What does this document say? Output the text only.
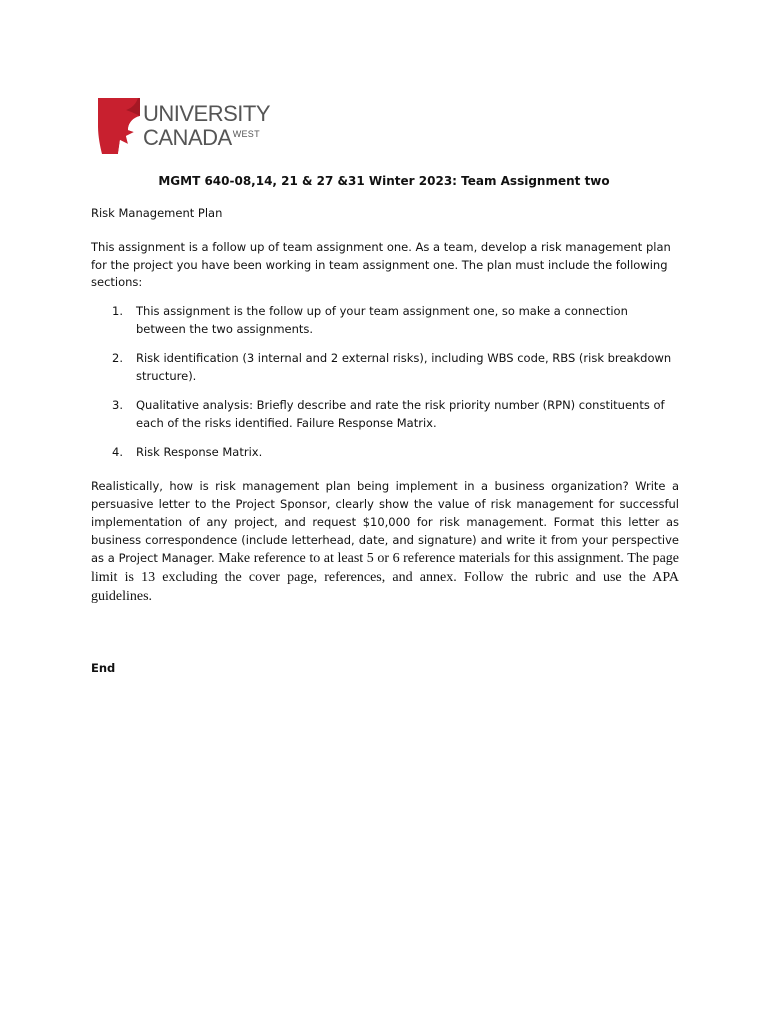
UNIVERSITY
CANADAWEST

MGMT 640-08,14, 21 & 27 &31 Winter 2023: Team Assignment two

Risk Management Plan

This assignment is a follow up of team assignment one. As a team, develop a risk management plan for the project you have been working in team assignment one. The plan must include the following sections:

1. This assignment is the follow up of your team assignment one, so make a connection between the two assignments.
2. Risk identification (3 internal and 2 external risks), including WBS code, RBS (risk breakdown structure).
3. Qualitative analysis: Briefly describe and rate the risk priority number (RPN) constituents of each of the risks identified. Failure Response Matrix.
4. Risk Response Matrix.

Realistically, how is risk management plan being implement in a business organization? Write a persuasive letter to the Project Sponsor, clearly show the value of risk management for successful implementation of any project, and request $10,000 for risk management. Format this letter as business correspondence (include letterhead, date, and signature) and write it from your perspective as a Project Manager. Make reference to at least 5 or 6 reference materials for this assignment. The page limit is 13 excluding the cover page, references, and annex. Follow the rubric and use the APA guidelines.

End
